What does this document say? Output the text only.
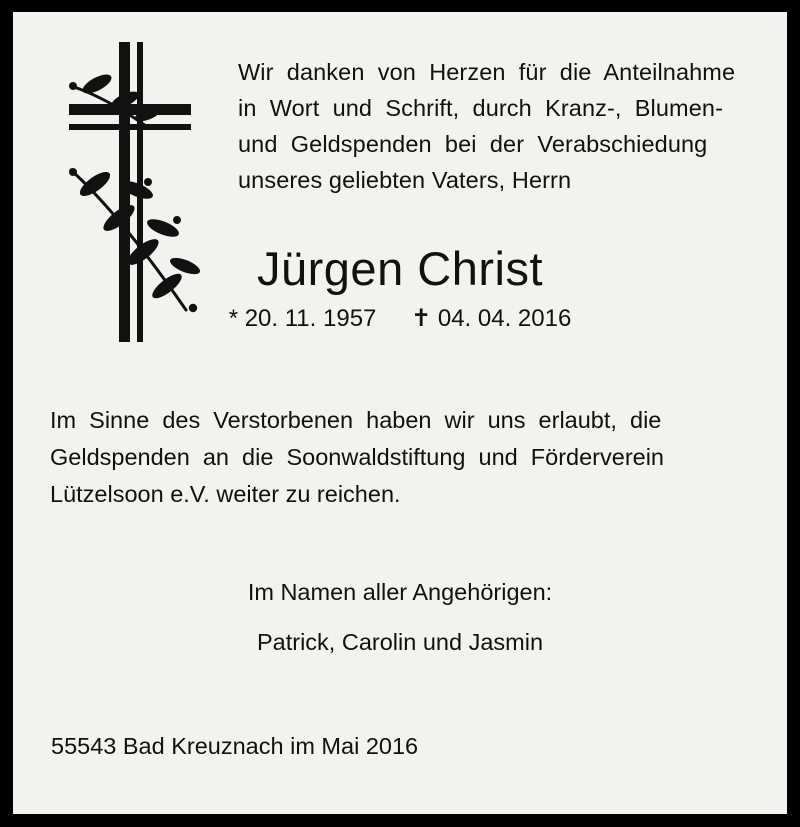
Wir  danken  von  Herzen  für  die  Anteilnahme
in  Wort  und  Schrift,  durch  Kranz-,  Blumen-
und  Geldspenden  bei  der  Verabschiedung
unseres geliebten Vaters, Herrn
Jürgen Christ
* 20. 11. 1957 ✝ 04. 04. 2016
Im  Sinne  des  Verstorbenen  haben  wir  uns  erlaubt,  die
Geldspenden  an  die  Soonwaldstiftung  und  Förderverein
Lützelsoon e.V. weiter zu reichen.
Im Namen aller Angehörigen:
Patrick, Carolin und Jasmin
55543 Bad Kreuznach im Mai 2016
